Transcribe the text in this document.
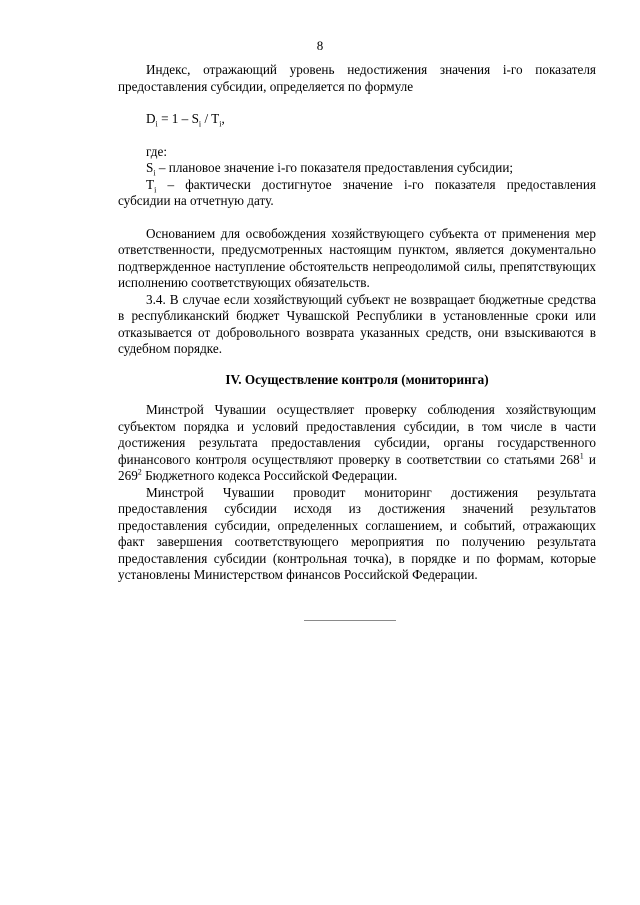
8

Индекс, отражающий уровень недостижения значения i-го показателя предоставления субсидии, определяется по формуле

$D_i = 1 - S_i / T_i$,
где:

$S_i$ – плановое значение i-го показателя предоставления субсидии;

$T_i$ – фактически достигнутое значение i-го показателя предоставления субсидии на отчетную дату.

Основанием для освобождения хозяйствующего субъекта от применения мер ответственности, предусмотренных настоящим пунктом, является документально подтвержденное наступление обстоятельств непреодолимой силы, препятствующих исполнению соответствующих обязательств.

3.4. В случае если хозяйствующий субъект не возвращает бюджетные средства в республиканский бюджет Чувашской Республики в установленные сроки или отказывается от добровольного возврата указанных средств, они взыскиваются в судебном порядке.

IV. Осуществление контроля (мониторинга)

Минстрой Чувашии осуществляет проверку соблюдения хозяйствующим субъектом порядка и условий предоставления субсидии, в том числе в части достижения результата предоставления субсидии, органы государственного финансового контроля осуществляют проверку в соответствии со статьями $268^1$ и $269^2$ Бюджетного кодекса Российской Федерации.

Минстрой Чувашии проводит мониторинг достижения результата предоставления субсидии исходя из достижения значений результатов предоставления субсидии, определенных соглашением, и событий, отражающих факт завершения соответствующего мероприятия по получению результата предоставления субсидии (контрольная точка), в порядке и по формам, которые установлены Министерством финансов Российской Федерации.
